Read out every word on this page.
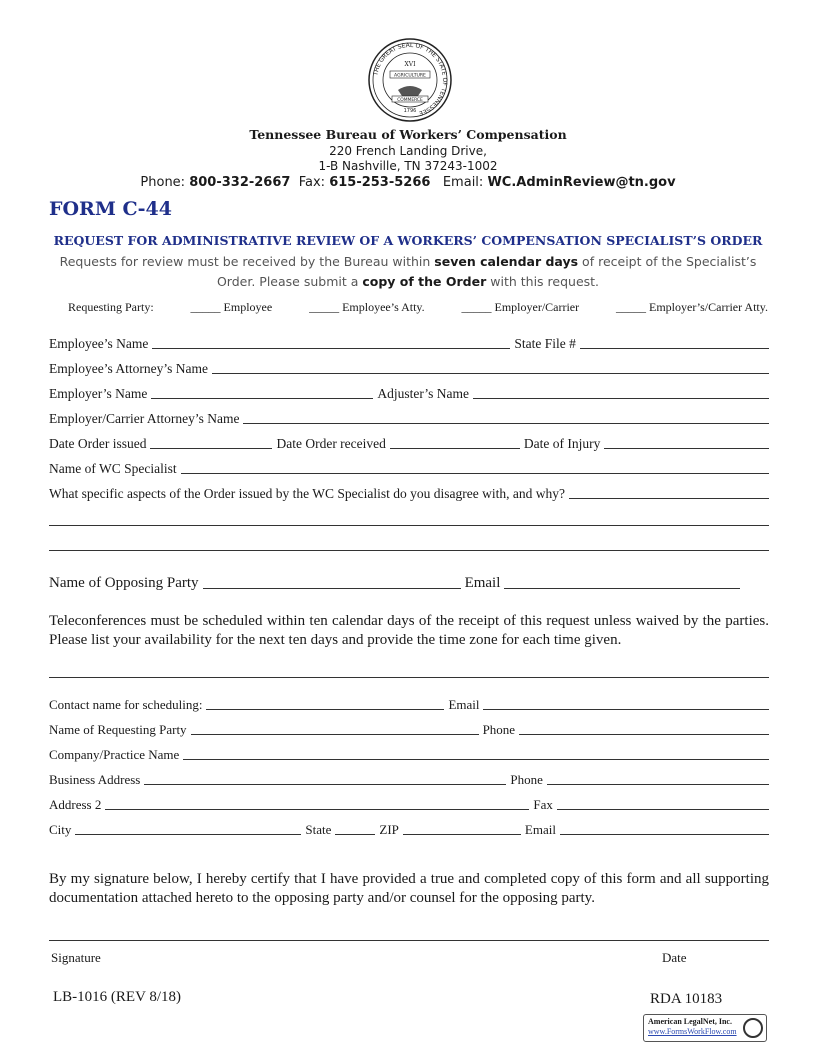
THE GREAT SEAL OF THE STATE OF TENNESSEE
XVI
AGRICULTURE
COMMERCE
1796
Tennessee Bureau of Workers’ Compensation
220 French Landing Drive,
1-B Nashville, TN 37243-1002
Phone: 800-332-2667 Fax: 615-253-5266 Email: WC.AdminReview@tn.gov
FORM C-44
REQUEST FOR ADMINISTRATIVE REVIEW OF A WORKERS’ COMPENSATION SPECIALIST’S ORDER
Requests for review must be received by the Bureau within seven calendar days of receipt of the Specialist’s
Order. Please submit a copy of the Order with this request.
Requesting Party:	_____ Employee	_____ Employee’s Atty.	_____ Employer/Carrier	_____ Employer’s/Carrier Atty.
Employee’s Name	State File #
Employee’s Attorney’s Name
Employer’s Name	Adjuster’s Name
Employer/Carrier Attorney’s Name
Date Order issued	Date Order received	Date of Injury
Name of WC Specialist
What specific aspects of the Order issued by the WC Specialist do you disagree with, and why?
Name of Opposing Party	Email
Teleconferences must be scheduled within ten calendar days of the receipt of this request unless waived by the parties. Please list your availability for the next ten days and provide the time zone for each time given.
Contact name for scheduling:	Email
Name of Requesting Party	Phone
Company/Practice Name
Business Address	Phone
Address 2	Fax
City	State	ZIP	Email
By my signature below, I hereby certify that I have provided a true and completed copy of this form and all supporting documentation attached hereto to the opposing party and/or counsel for the opposing party.
Signature	Date
LB-1016 (REV 8/18)	RDA 10183
American LegalNet, Inc.
www.FormsWorkFlow.com
